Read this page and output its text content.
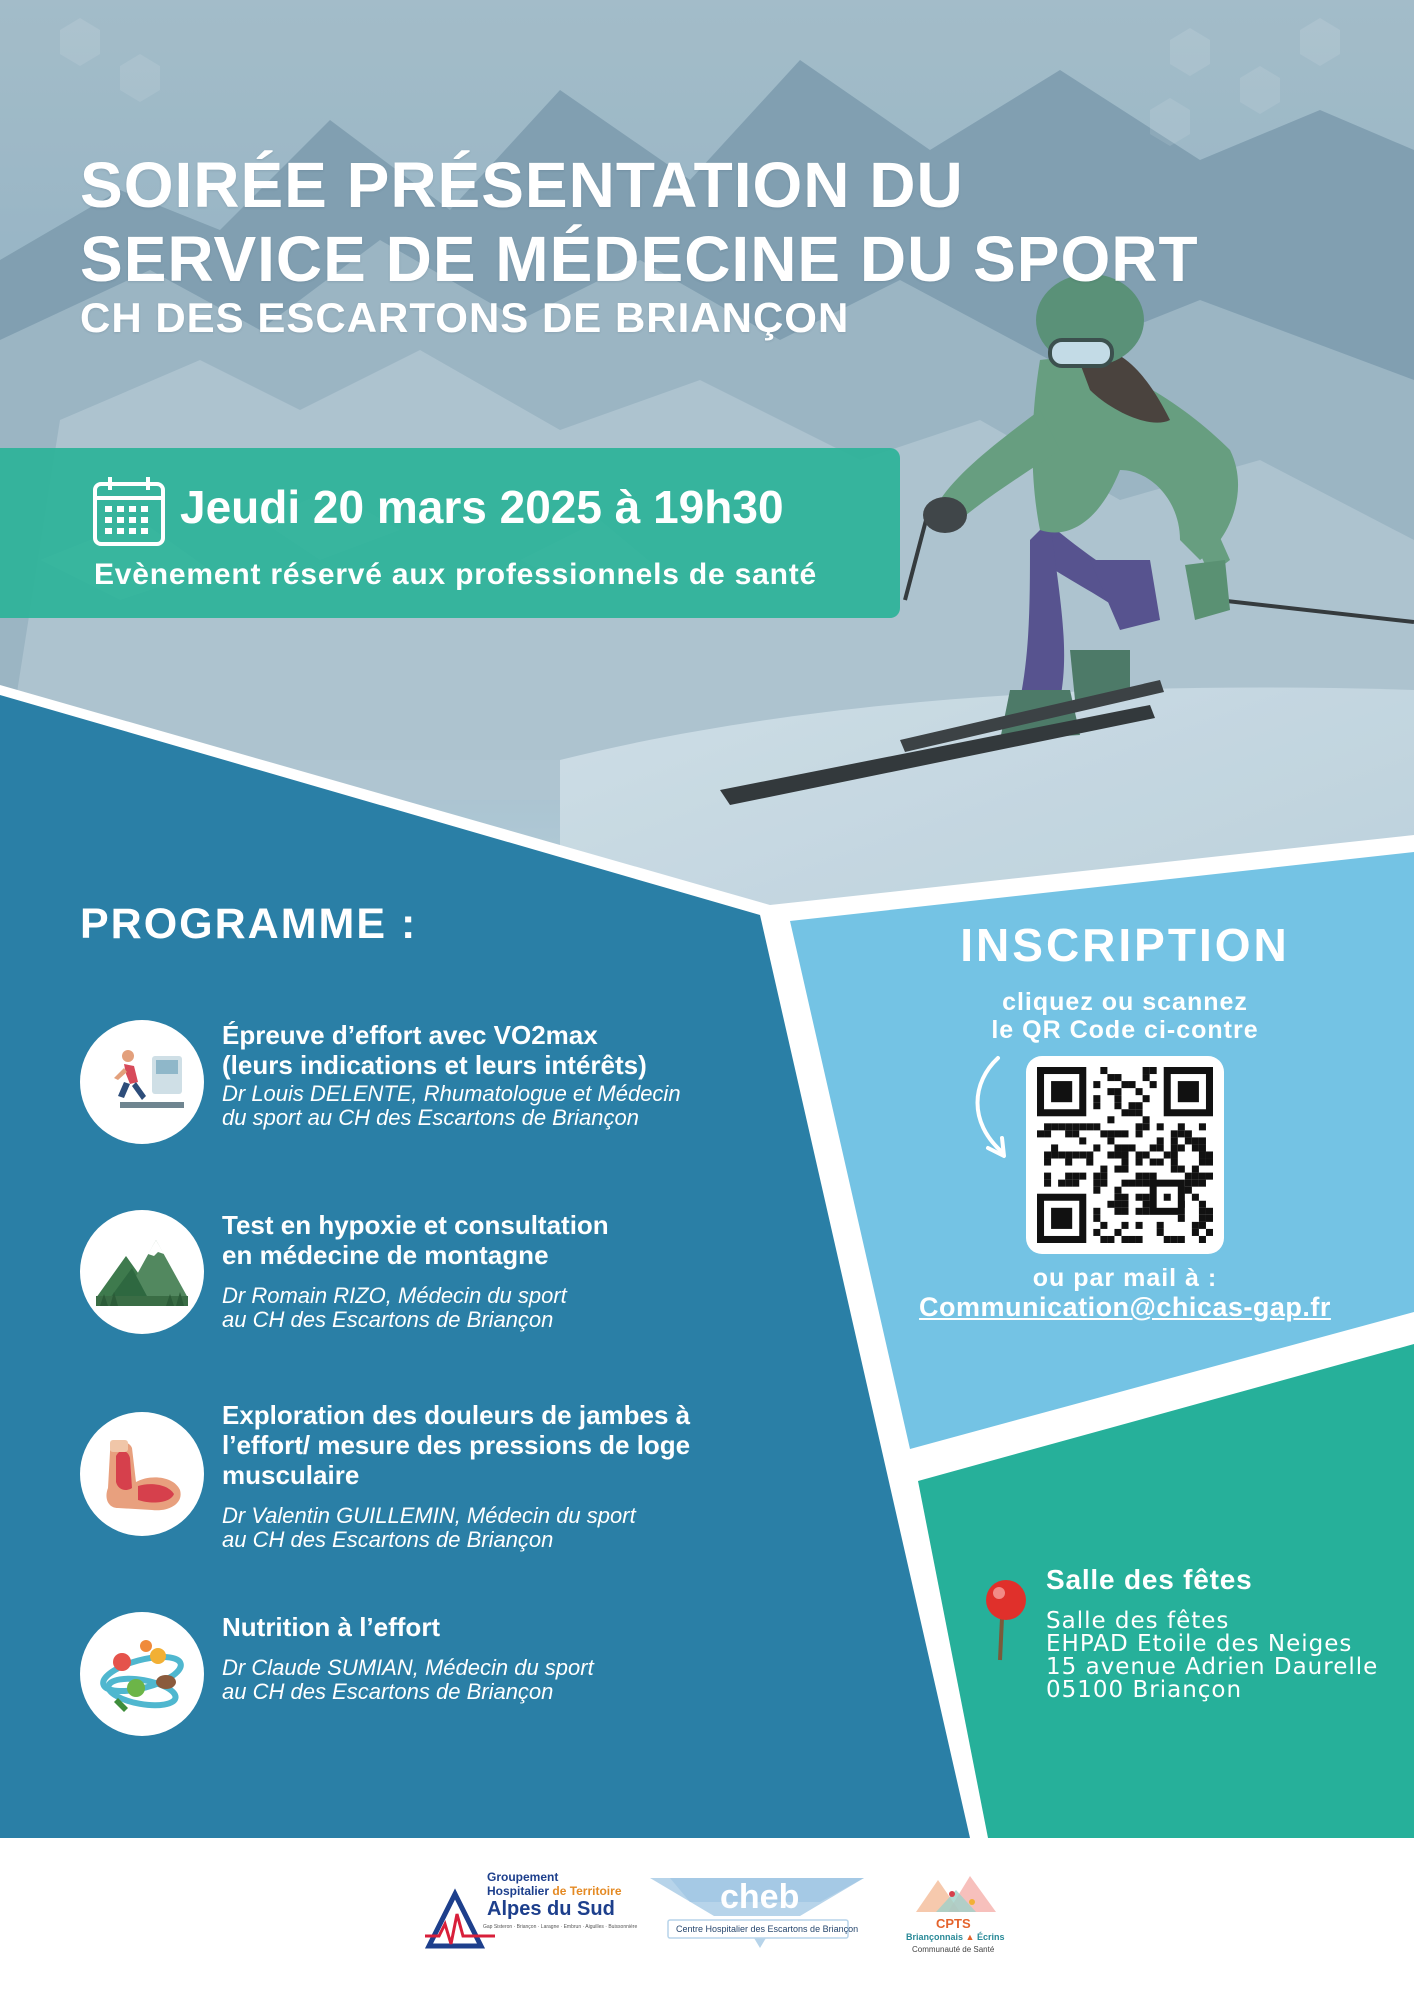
SOIRÉE PRÉSENTATION DU
SERVICE DE MÉDECINE DU SPORT
CH DES ESCARTONS DE BRIANÇON
Jeudi 20 mars 2025 à 19h30
Evènement réservé aux professionnels de santé
PROGRAMME :
Épreuve d’effort avec VO2max
(leurs indications et leurs intérêts)
Dr Louis DELENTE, Rhumatologue et Médecin
du sport au CH des Escartons de Briançon
Test en hypoxie et consultation
en médecine de montagne
Dr Romain RIZO, Médecin du sport
au CH des Escartons de Briançon
Exploration des douleurs de jambes à
l’effort/ mesure des pressions de loge
musculaire
Dr Valentin GUILLEMIN, Médecin du sport
au CH des Escartons de Briançon
Nutrition à l’effort
Dr Claude SUMIAN, Médecin du sport
au CH des Escartons de Briançon
INSCRIPTION
cliquez ou scannez
le QR Code ci-contre
ou par mail à :
Communication@chicas-gap.fr
Salle des fêtes
Salle des fêtes
EHPAD Etoile des Neiges
15 avenue Adrien Daurelle
05100 Briançon
Groupement
Hospitalier de Territoire
Alpes du Sud
Gap Sisteron · Briançon · Laragne · Embrun · Aiguilles · Buissonnière
cheb
Centre Hospitalier des Escartons de Briançon	CPTS
Briançonnais ▲ Écrins
Communauté de Santé
